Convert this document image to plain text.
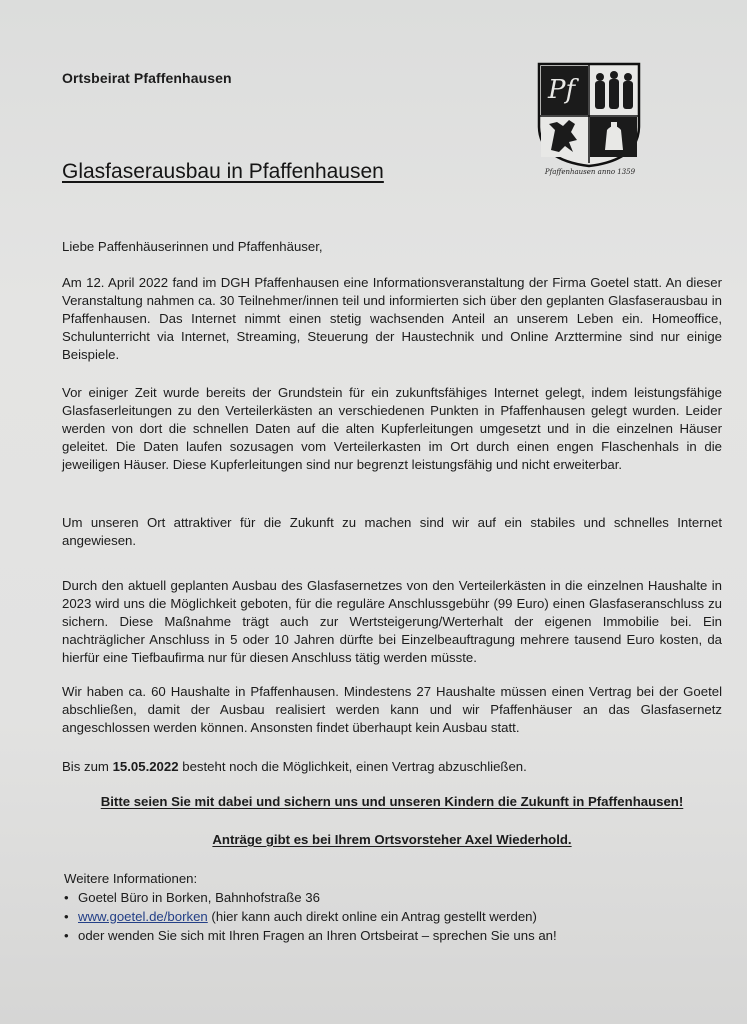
Ortsbeirat Pfaffenhausen	Pf
Pfaffenhausen anno 1359
Glasfaserausbau in Pfaffenhausen
Liebe Paffenhäuserinnen und Pfaffenhäuser,
Am 12. April 2022 fand im DGH Pfaffenhausen eine Informationsveranstaltung der Firma Goetel statt. An dieser Veranstaltung nahmen ca. 30 Teilnehmer/innen teil und informierten sich über den geplanten Glasfaserausbau in Pfaffenhausen. Das Internet nimmt einen stetig wachsenden Anteil an unserem Leben ein. Homeoffice, Schulunterricht via Internet, Streaming, Steuerung der Haustechnik und Online Arzttermine sind nur einige Beispiele.
Vor einiger Zeit wurde bereits der Grundstein für ein zukunftsfähiges Internet gelegt, indem leistungsfähige Glasfaserleitungen zu den Verteilerkästen an verschiedenen Punkten in Pfaffenhausen gelegt wurden. Leider werden von dort die schnellen Daten auf die alten Kupferleitungen umgesetzt und in die einzelnen Häuser geleitet. Die Daten laufen sozusagen vom Verteilerkasten im Ort durch einen engen Flaschenhals in die jeweiligen Häuser. Diese Kupferleitungen sind nur begrenzt leistungsfähig und nicht erweiterbar.
Um unseren Ort attraktiver für die Zukunft zu machen sind wir auf ein stabiles und schnelles Internet angewiesen.
Durch den aktuell geplanten Ausbau des Glasfasernetzes von den Verteilerkästen in die einzelnen Haushalte in 2023 wird uns die Möglichkeit geboten, für die reguläre Anschlussgebühr (99 Euro) einen Glasfaseranschluss zu sichern. Diese Maßnahme trägt auch zur Wertsteigerung/Werterhalt der eigenen Immobilie bei. Ein nachträglicher Anschluss in 5 oder 10 Jahren dürfte bei Einzelbeauftragung mehrere tausend Euro kosten, da hierfür eine Tiefbaufirma nur für diesen Anschluss tätig werden müsste.
Wir haben ca. 60 Haushalte in Pfaffenhausen. Mindestens 27 Haushalte müssen einen Vertrag bei der Goetel abschließen, damit der Ausbau realisiert werden kann und wir Pfaffenhäuser an das Glasfasernetz angeschlossen werden können. Ansonsten findet überhaupt kein Ausbau statt.
Bis zum 15.05.2022 besteht noch die Möglichkeit, einen Vertrag abzuschließen.
Bitte seien Sie mit dabei und sichern uns und unseren Kindern die Zukunft in Pfaffenhausen!
Anträge gibt es bei Ihrem Ortsvorsteher Axel Wiederhold.
Weitere Informationen:
• Goetel Büro in Borken, Bahnhofstraße 36
• www.goetel.de/borken (hier kann auch direkt online ein Antrag gestellt werden)
• oder wenden Sie sich mit Ihren Fragen an Ihren Ortsbeirat – sprechen Sie uns an!
